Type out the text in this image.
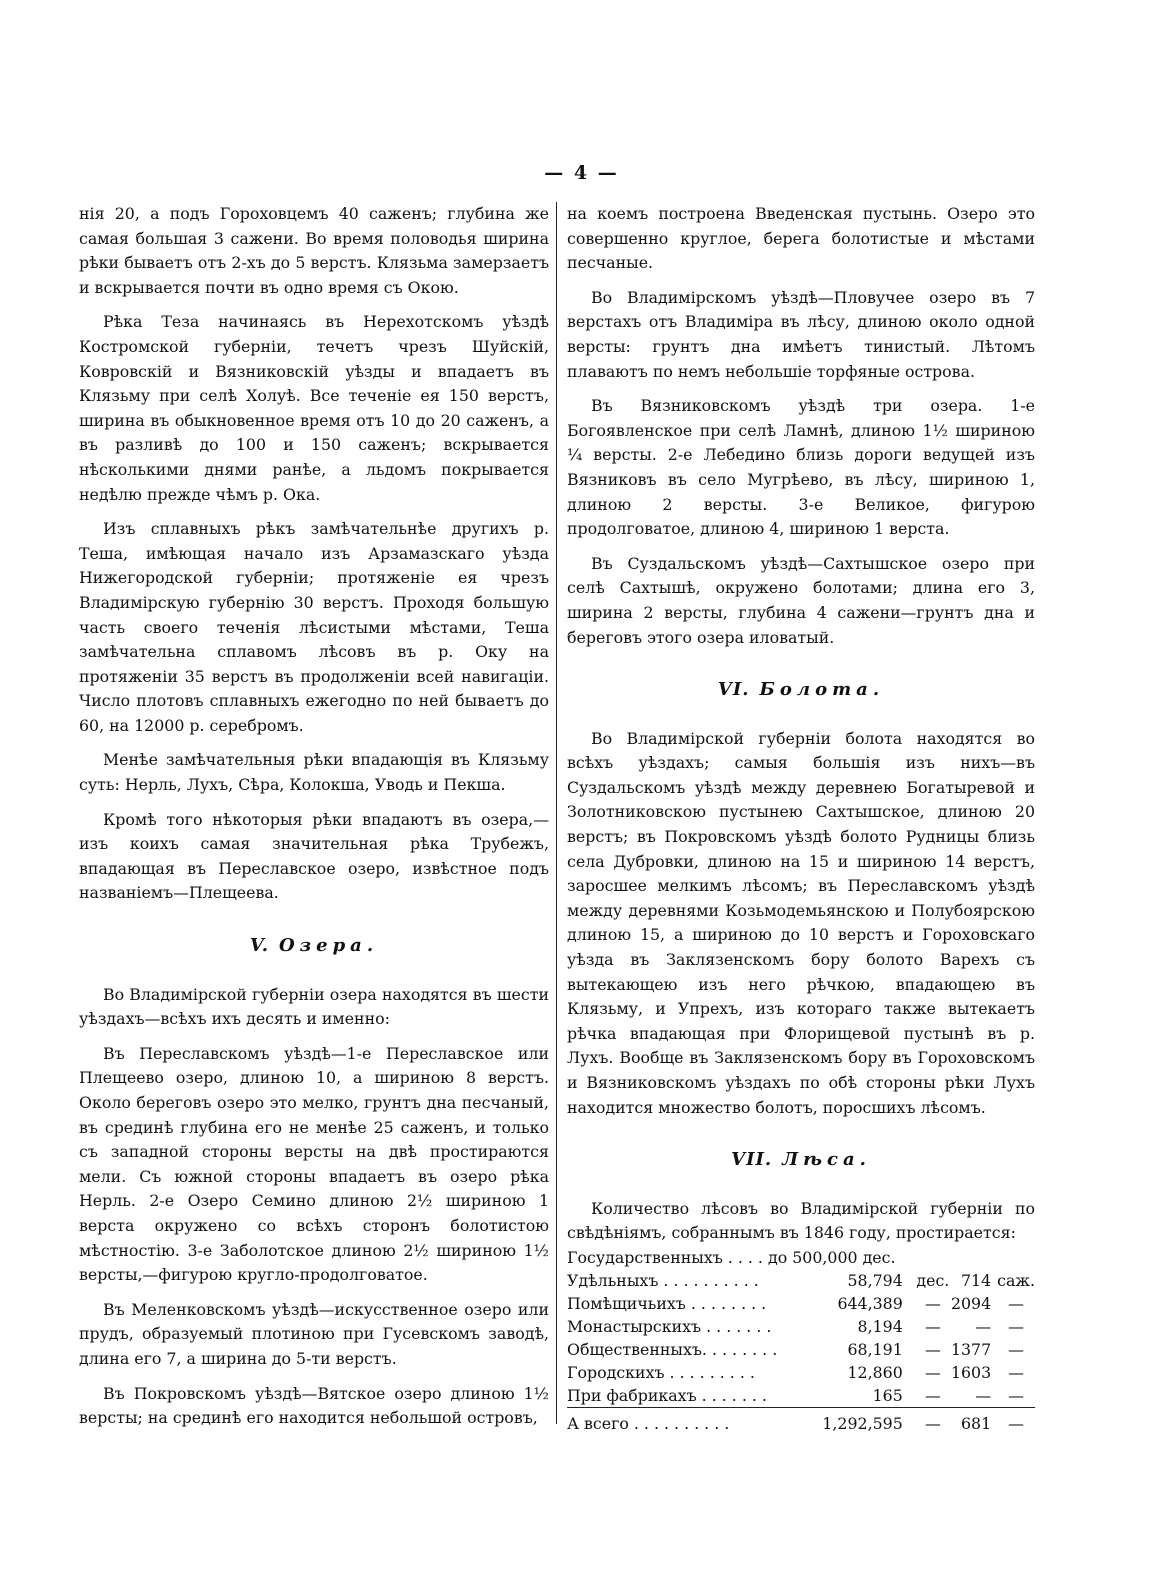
— 4 —

нія 20, а подъ Гороховцемъ 40 саженъ; глубина же самая большая 3 сажени. Во время половодья ширина рѣки бываетъ отъ 2-хъ до 5 верстъ. Клязьма замерзаетъ и вскрывается почти въ одно время съ Окою.

Рѣка Теза начинаясь въ Нерехотскомъ уѣздѣ Костромской губерніи, течетъ чрезъ Шуйскій, Ковровскій и Вязниковскій уѣзды и впадаетъ въ Клязьму при селѣ Холуѣ. Все теченіе ея 150 верстъ, ширина въ обыкновенное время отъ 10 до 20 саженъ, а въ разливѣ до 100 и 150 саженъ; вскрывается нѣсколькими днями ранѣе, а льдомъ покрывается недѣлю прежде чѣмъ р. Ока.

Изъ сплавныхъ рѣкъ замѣчательнѣе другихъ р. Теша, имѣющая начало изъ Арзамазскаго уѣзда Нижегородской губерніи; протяженіе ея чрезъ Владимірскую губернію 30 верстъ. Проходя большую часть своего теченія лѣсистыми мѣстами, Теша замѣчательна сплавомъ лѣсовъ въ р. Оку на протяженіи 35 верстъ въ продолженіи всей навигаціи. Число плотовъ сплавныхъ ежегодно по ней бываетъ до 60, на 12000 р. серебромъ.

Менѣе замѣчательныя рѣки впадающія въ Клязьму суть: Нерль, Лухъ, Сѣра, Колокша, Уводь и Пекша.

Кромѣ того нѣкоторыя рѣки впадаютъ въ озера,— изъ коихъ самая значительная рѣка Трубежъ, впадающая въ Переславское озеро, извѣстное подъ названіемъ—Плещеева.

V. Озера.

Во Владимірской губерніи озера находятся въ шести уѣздахъ—всѣхъ ихъ десять и именно:

Въ Переславскомъ уѣздѣ—1-е Переславское или Плещеево озеро, длиною 10, а шириною 8 верстъ. Около береговъ озеро это мелко, грунтъ дна песчаный, въ срединѣ глубина его не менѣе 25 саженъ, и только съ западной стороны версты на двѣ простираются мели. Съ южной стороны впадаетъ въ озеро рѣка Нерль. 2-е Озеро Семино длиною 2½ шириною 1 верста окружено со всѣхъ сторонъ болотистою мѣстностію. 3-е Заболотское длиною 2½ шириною 1½ версты,—фигурою кругло-продолговатое.

Въ Меленковскомъ уѣздѣ—искусственное озеро или прудъ, образуемый плотиною при Гусевскомъ заводѣ, длина его 7, а ширина до 5-ти верстъ.

Въ Покровскомъ уѣздѣ—Вятское озеро длиною 1½ версты; на срединѣ его находится небольшой островъ,

на коемъ построена Введенская пустынь. Озеро это совершенно круглое, берега болотистые и мѣстами песчаные.

Во Владимірскомъ уѣздѣ—Пловучее озеро въ 7 верстахъ отъ Владиміра въ лѣсу, длиною около одной версты: грунтъ дна имѣетъ тинистый. Лѣтомъ плаваютъ по немъ небольшіе торфяные острова.

Въ Вязниковскомъ уѣздѣ три озера. 1-е Богоявленское при селѣ Ламнѣ, длиною 1½ шириною ¼ версты. 2-е Лебедино близь дороги ведущей изъ Вязниковъ въ село Мугрѣево, въ лѣсу, шириною 1, длиною 2 версты. 3-е Великое, фигурою продолговатое, длиною 4, шириною 1 верста.

Въ Суздальскомъ уѣздѣ—Сахтышское озеро при селѣ Сахтышѣ, окружено болотами; длина его 3, ширина 2 версты, глубина 4 сажени—грунтъ дна и береговъ этого озера иловатый.

VI. Болота.

Во Владимірской губерніи болота находятся во всѣхъ уѣздахъ; самыя большія изъ нихъ—въ Суздальскомъ уѣздѣ между деревнею Богатыревой и Золотниковскою пустынею Сахтышское, длиною 20 верстъ; въ Покровскомъ уѣздѣ болото Рудницы близь села Дубровки, длиною на 15 и шириною 14 верстъ, заросшее мелкимъ лѣсомъ; въ Переславскомъ уѣздѣ между деревнями Козьмодемьянскою и Полубоярскою длиною 15, а шириною до 10 верстъ и Гороховскаго уѣзда въ Заклязенскомъ бору болото Варехъ съ вытекающею изъ него рѣчкою, впадающею въ Клязьму, и Упрехъ, изъ котораго также вытекаетъ рѣчка впадающая при Флорищевой пустынѣ въ р. Лухъ. Вообще въ Заклязенскомъ бору въ Гороховскомъ и Вязниковскомъ уѣздахъ по обѣ стороны рѣки Лухъ находится множество болотъ, поросшихъ лѣсомъ.

VII. Лѣса.

Количество лѣсовъ во Владимірской губерніи по свѣдѣніямъ, собраннымъ въ 1846 году, простирается:

Государственныхъ . . . . до 500,000 дес.
Удѣльныхъ . . . . . . . . . .	58,794	дес.	714	саж.
Помѣщичьихъ . . . . . . . .	644,389	—	2094	—
Монастырскихъ . . . . . . .	8,194	—	—	—
Общественныхъ. . . . . . . .	68,191	—	1377	—
Городскихъ . . . . . . . . .	12,860	—	1603	—
При фабрикахъ . . . . . . .	165	—	—	—
А всего . . . . . . . . . .	1,292,595	—	681	—
